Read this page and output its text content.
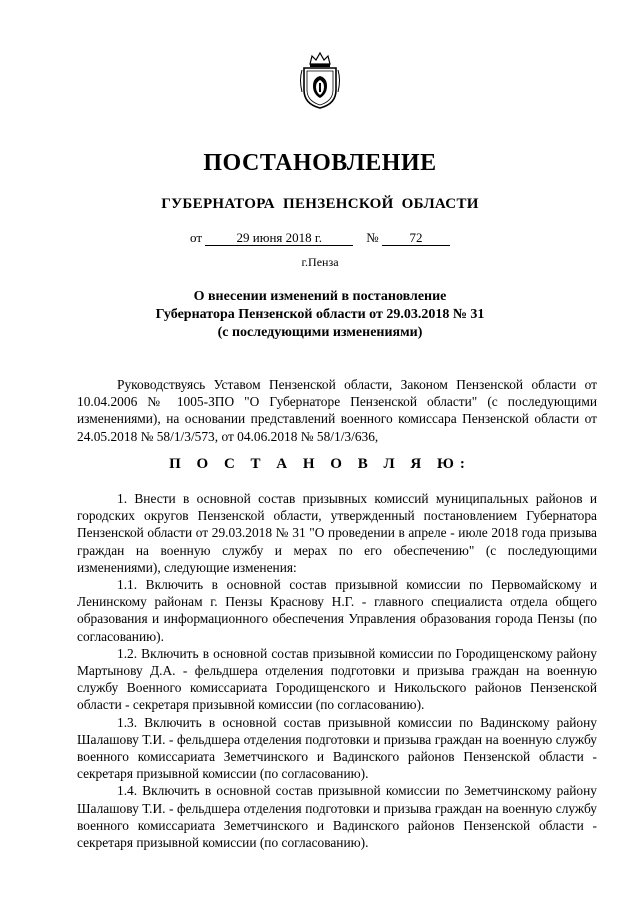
ПОСТАНОВЛЕНИЕ
ГУБЕРНАТОРА ПЕНЗЕНСКОЙ ОБЛАСТИ
от	29 июня 2018 г.	№ 72
г.Пенза
О внесении изменений в постановление
Губернатора Пензенской области от 29.03.2018 № 31
(с последующими изменениями)

Руководствуясь Уставом Пензенской области, Законом Пензенской области от 10.04.2006 № 1005-ЗПО "О Губернаторе Пензенской области" (с последующими изменениями), на основании представлений военного комиссара Пензенской области от 24.05.2018 № 58/1/3/573, от 04.06.2018 № 58/1/3/636,

П О С Т А Н О В Л Я Ю:

1. Внести в основной состав призывных комиссий муниципальных районов и городских округов Пензенской области, утвержденный постановлением Губернатора Пензенской области от 29.03.2018 № 31 "О проведении в апреле - июле 2018 года призыва граждан на военную службу и мерах по его обеспечению" (с последующими изменениями), следующие изменения:

1.1. Включить в основной состав призывной комиссии по Первомайскому и Ленинскому районам г. Пензы Краснову Н.Г. - главного специалиста отдела общего образования и информационного обеспечения Управления образования города Пензы (по согласованию).

1.2. Включить в основной состав призывной комиссии по Городищенскому району Мартынову Д.А. - фельдшера отделения подготовки и призыва граждан на военную службу Военного комиссариата Городищенского и Никольского районов Пензенской области - секретаря призывной комиссии (по согласованию).

1.3. Включить в основной состав призывной комиссии по Вадинскому району Шалашову Т.И. - фельдшера отделения подготовки и призыва граждан на военную службу военного комиссариата Земетчинского и Вадинского районов Пензенской области - секретаря призывной комиссии (по согласованию).

1.4. Включить в основной состав призывной комиссии по Земетчинскому району Шалашову Т.И. - фельдшера отделения подготовки и призыва граждан на военную службу военного комиссариата Земетчинского и Вадинского районов Пензенской области - секретаря призывной комиссии (по согласованию).
